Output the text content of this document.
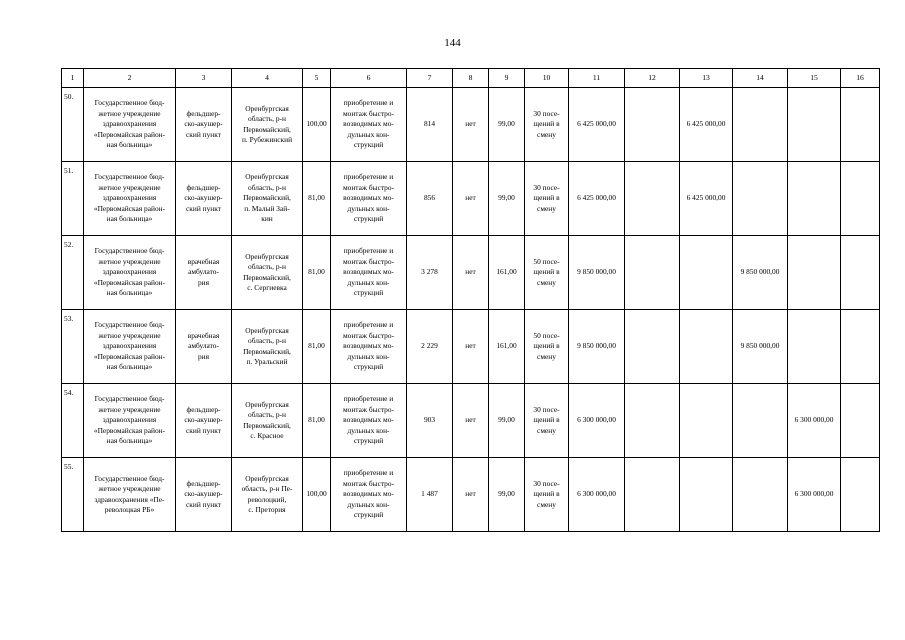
144
1	2	3	4	5	6	7	8	9	10	11	12	13	14	15	16
50.	Государственное бюд-
жетное учреждение
здравоохранения
«Первомайская район-
ная больница»	фельдшер-
ско-акушер-
ский пункт	Оренбургская
область, р-н
Первомайский,
п. Рубежинский	100,00	приобретение и
монтаж быстро-
возводимых мо-
дульных кон-
струкций	814	нет	99,00	30 посе-
щений в
смену	6 425 000,00		6 425 000,00			
51.	Государственное бюд-
жетное учреждение
здравоохранения
«Первомайская район-
ная больница»	фельдшер-
ско-акушер-
ский пункт	Оренбургская
область, р-н
Первомайский,
п. Малый Зай-
кин	81,00	приобретение и
монтаж быстро-
возводимых мо-
дульных кон-
струкций	856	нет	99,00	30 посе-
щений в
смену	6 425 000,00		6 425 000,00			
52.	Государственное бюд-
жетное учреждение
здравоохранения
«Первомайская район-
ная больница»	врачебная
амбулато-
рия	Оренбургская
область, р-н
Первомайский,
с. Сергиевка	81,00	приобретение и
монтаж быстро-
возводимых мо-
дульных кон-
струкций	3 278	нет	161,00	50 посе-
щений в
смену	9 850 000,00			9 850 000,00		
53.	Государственное бюд-
жетное учреждение
здравоохранения
«Первомайская район-
ная больница»	врачебная
амбулато-
рия	Оренбургская
область, р-н
Первомайский,
п. Уральский	81,00	приобретение и
монтаж быстро-
возводимых мо-
дульных кон-
струкций	2 229	нет	161,00	50 посе-
щений в
смену	9 850 000,00			9 850 000,00		
54.	Государственное бюд-
жетное учреждение
здравоохранения
«Первомайская район-
ная больница»	фельдшер-
ско-акушер-
ский пункт	Оренбургская
область, р-н
Первомайский,
с. Красное	81,00	приобретение и
монтаж быстро-
возводимых мо-
дульных кон-
струкций	903	нет	99,00	30 посе-
щений в
смену	6 300 000,00				6 300 000,00	
55.	Государственное бюд-
жетное учреждение
здравоохранения «Пе-
револоцкая РБ»	фельдшер-
ско-акушер-
ский пункт	Оренбургская
область, р-н Пе-
револоцкий,
с. Претория	100,00	приобретение и
монтаж быстро-
возводимых мо-
дульных кон-
струкций	1 487	нет	99,00	30 посе-
щений в
смену	6 300 000,00				6 300 000,00	
